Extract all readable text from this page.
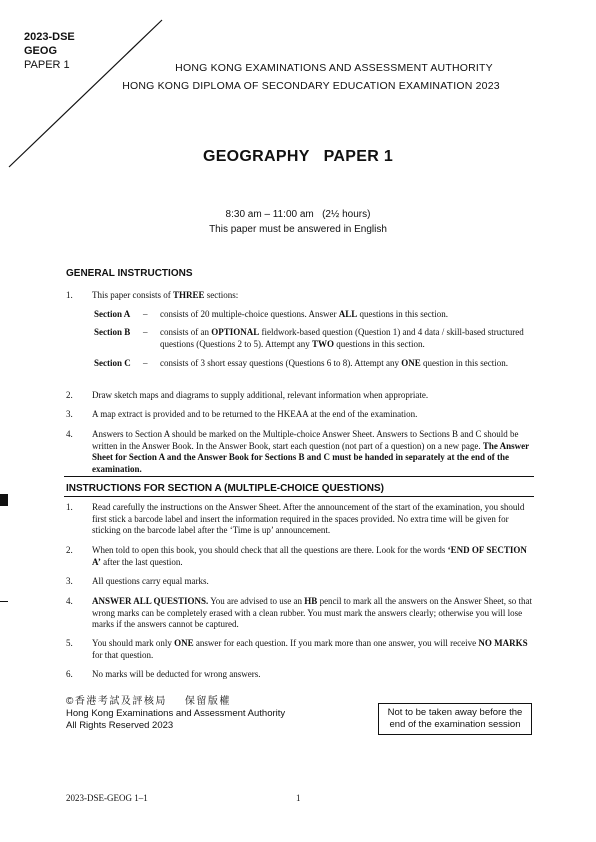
2023-DSE
GEOG
PAPER 1	HONG KONG EXAMINATIONS AND ASSESSMENT AUTHORITY
HONG KONG DIPLOMA OF SECONDARY EDUCATION EXAMINATION 2023
GEOGRAPHY   PAPER 1
8:30 am – 11:00 am   (2½ hours)
This paper must be answered in English
GENERAL INSTRUCTIONS
1. This paper consists of THREE sections:
Section A – consists of 20 multiple-choice questions. Answer ALL questions in this section.
Section B – consists of an OPTIONAL fieldwork-based question (Question 1) and 4 data / skill-based structured questions (Questions 2 to 5). Attempt any TWO questions in this section.
Section C – consists of 3 short essay questions (Questions 6 to 8). Attempt any ONE question in this section.
2. Draw sketch maps and diagrams to supply additional, relevant information when appropriate.
3. A map extract is provided and to be returned to the HKEAA at the end of the examination.
4. Answers to Section A should be marked on the Multiple-choice Answer Sheet. Answers to Sections B and C should be written in the Answer Book. In the Answer Book, start each question (not part of a question) on a new page. The Answer Sheet for Section A and the Answer Book for Sections B and C must be handed in separately at the end of the examination.
INSTRUCTIONS FOR SECTION A (MULTIPLE-CHOICE QUESTIONS)
1. Read carefully the instructions on the Answer Sheet. After the announcement of the start of the examination, you should first stick a barcode label and insert the information required in the spaces provided. No extra time will be given for sticking on the barcode label after the ‘Time is up’ announcement.
2. When told to open this book, you should check that all the questions are there. Look for the words ‘END OF SECTION A’ after the last question.
3. All questions carry equal marks.
4. ANSWER ALL QUESTIONS. You are advised to use an HB pencil to mark all the answers on the Answer Sheet, so that wrong marks can be completely erased with a clean rubber. You must mark the answers clearly; otherwise you will lose marks if the answers cannot be captured.
5. You should mark only ONE answer for each question. If you mark more than one answer, you will receive NO MARKS for that question.
6. No marks will be deducted for wrong answers.
©香港考試及評核局 保留版權
Hong Kong Examinations and Assessment Authority
All Rights Reserved 2023
Not to be taken away before the end of the examination session
2023-DSE-GEOG 1–1	1
